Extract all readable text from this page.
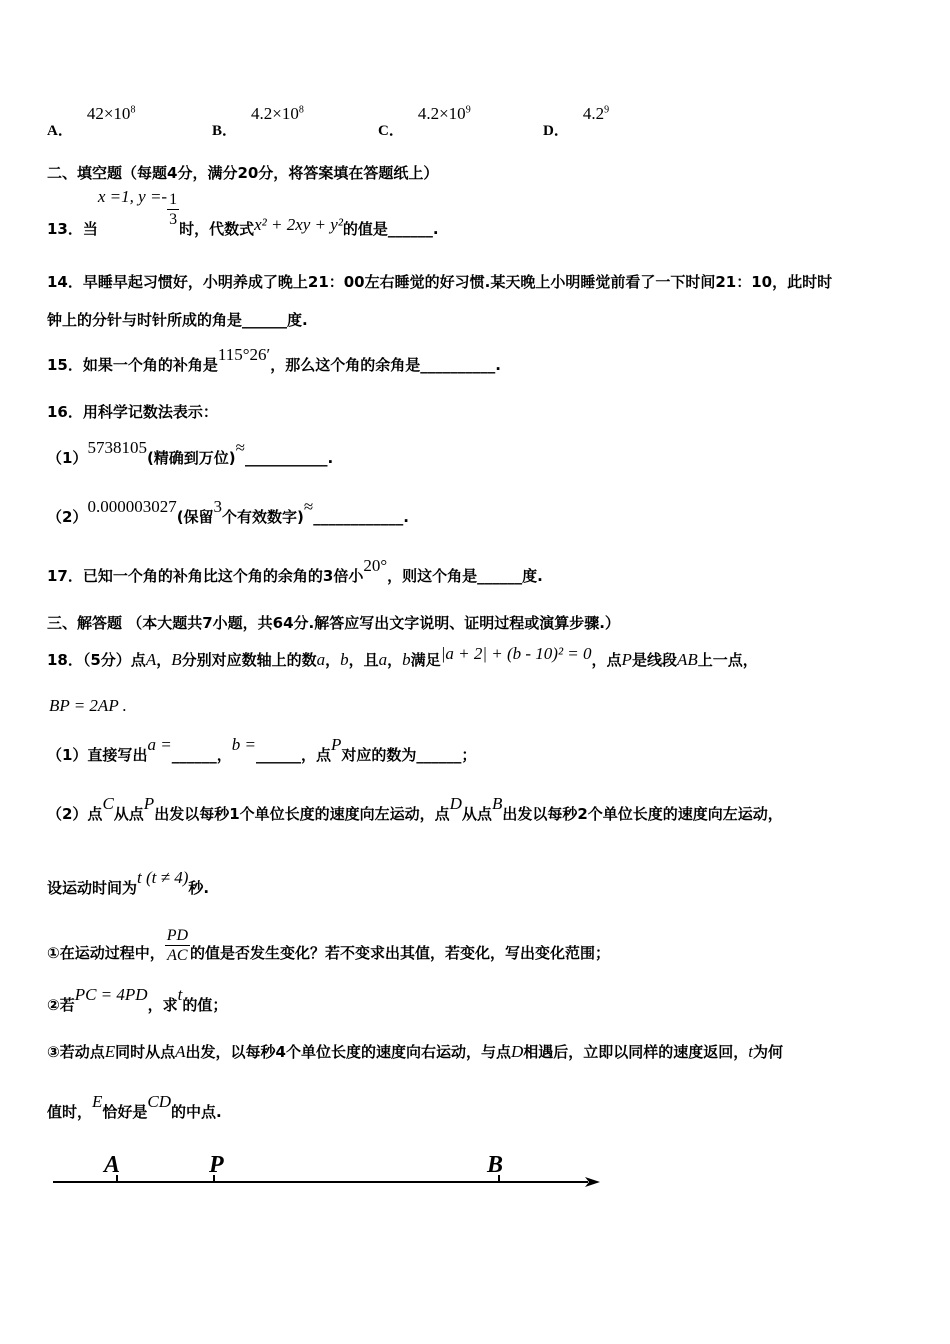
A．$42\times 10^8$
B．$4.2\times 10^8$
C．$4.2\times 10^9$
D．$4.2^9$
二、填空题（每题4分，满分20分，将答案填在答题纸上）
13．当x =1, $y =- \frac{1}{3}$ 时，代数式x² + 2xy + y²的值是______.
14．早睡早起习惯好，小明养成了晚上21：00左右睡觉的好习惯.某天晚上小明睡觉前看了一下时间21：10，此时时
钟上的分针与时针所成的角是______度.
15．如果一个角的补角是115°26′，那么这个角的余角是__________.
16．用科学记数法表示：
（1）5738105(精确到万位)≈___________.
（2）0.000003027(保留3个有效数字)≈____________.
17．已知一个角的补角比这个角的余角的3倍小20°，则这个角是______度.
三、解答题 （本大题共7小题，共64分.解答应写出文字说明、证明过程或演算步骤.）
18．（5分）点A，B分别对应数轴上的数a，b，且a，b满足|a + 2| + (b - 10)² = 0，点P是线段AB上一点，
BP = 2AP .
（1）直接写出a =______，b =______，点P对应的数为______；
（2）点C从点P出发以每秒1个单位长度的速度向左运动，点D从点B出发以每秒2个单位长度的速度向左运动，
设运动时间为t (t ≠ 4)秒.
①在运动过程中， $\frac{PD}{AC}$ 的值是否发生变化？若不变求出其值，若变化，写出变化范围；
②若PC = 4PD，求t的值；
③若动点E同时从点A出发，以每秒4个单位长度的速度向右运动，与点D相遇后，立即以同样的速度返回，t为何
值时，E恰好是CD的中点.
A	P	B
